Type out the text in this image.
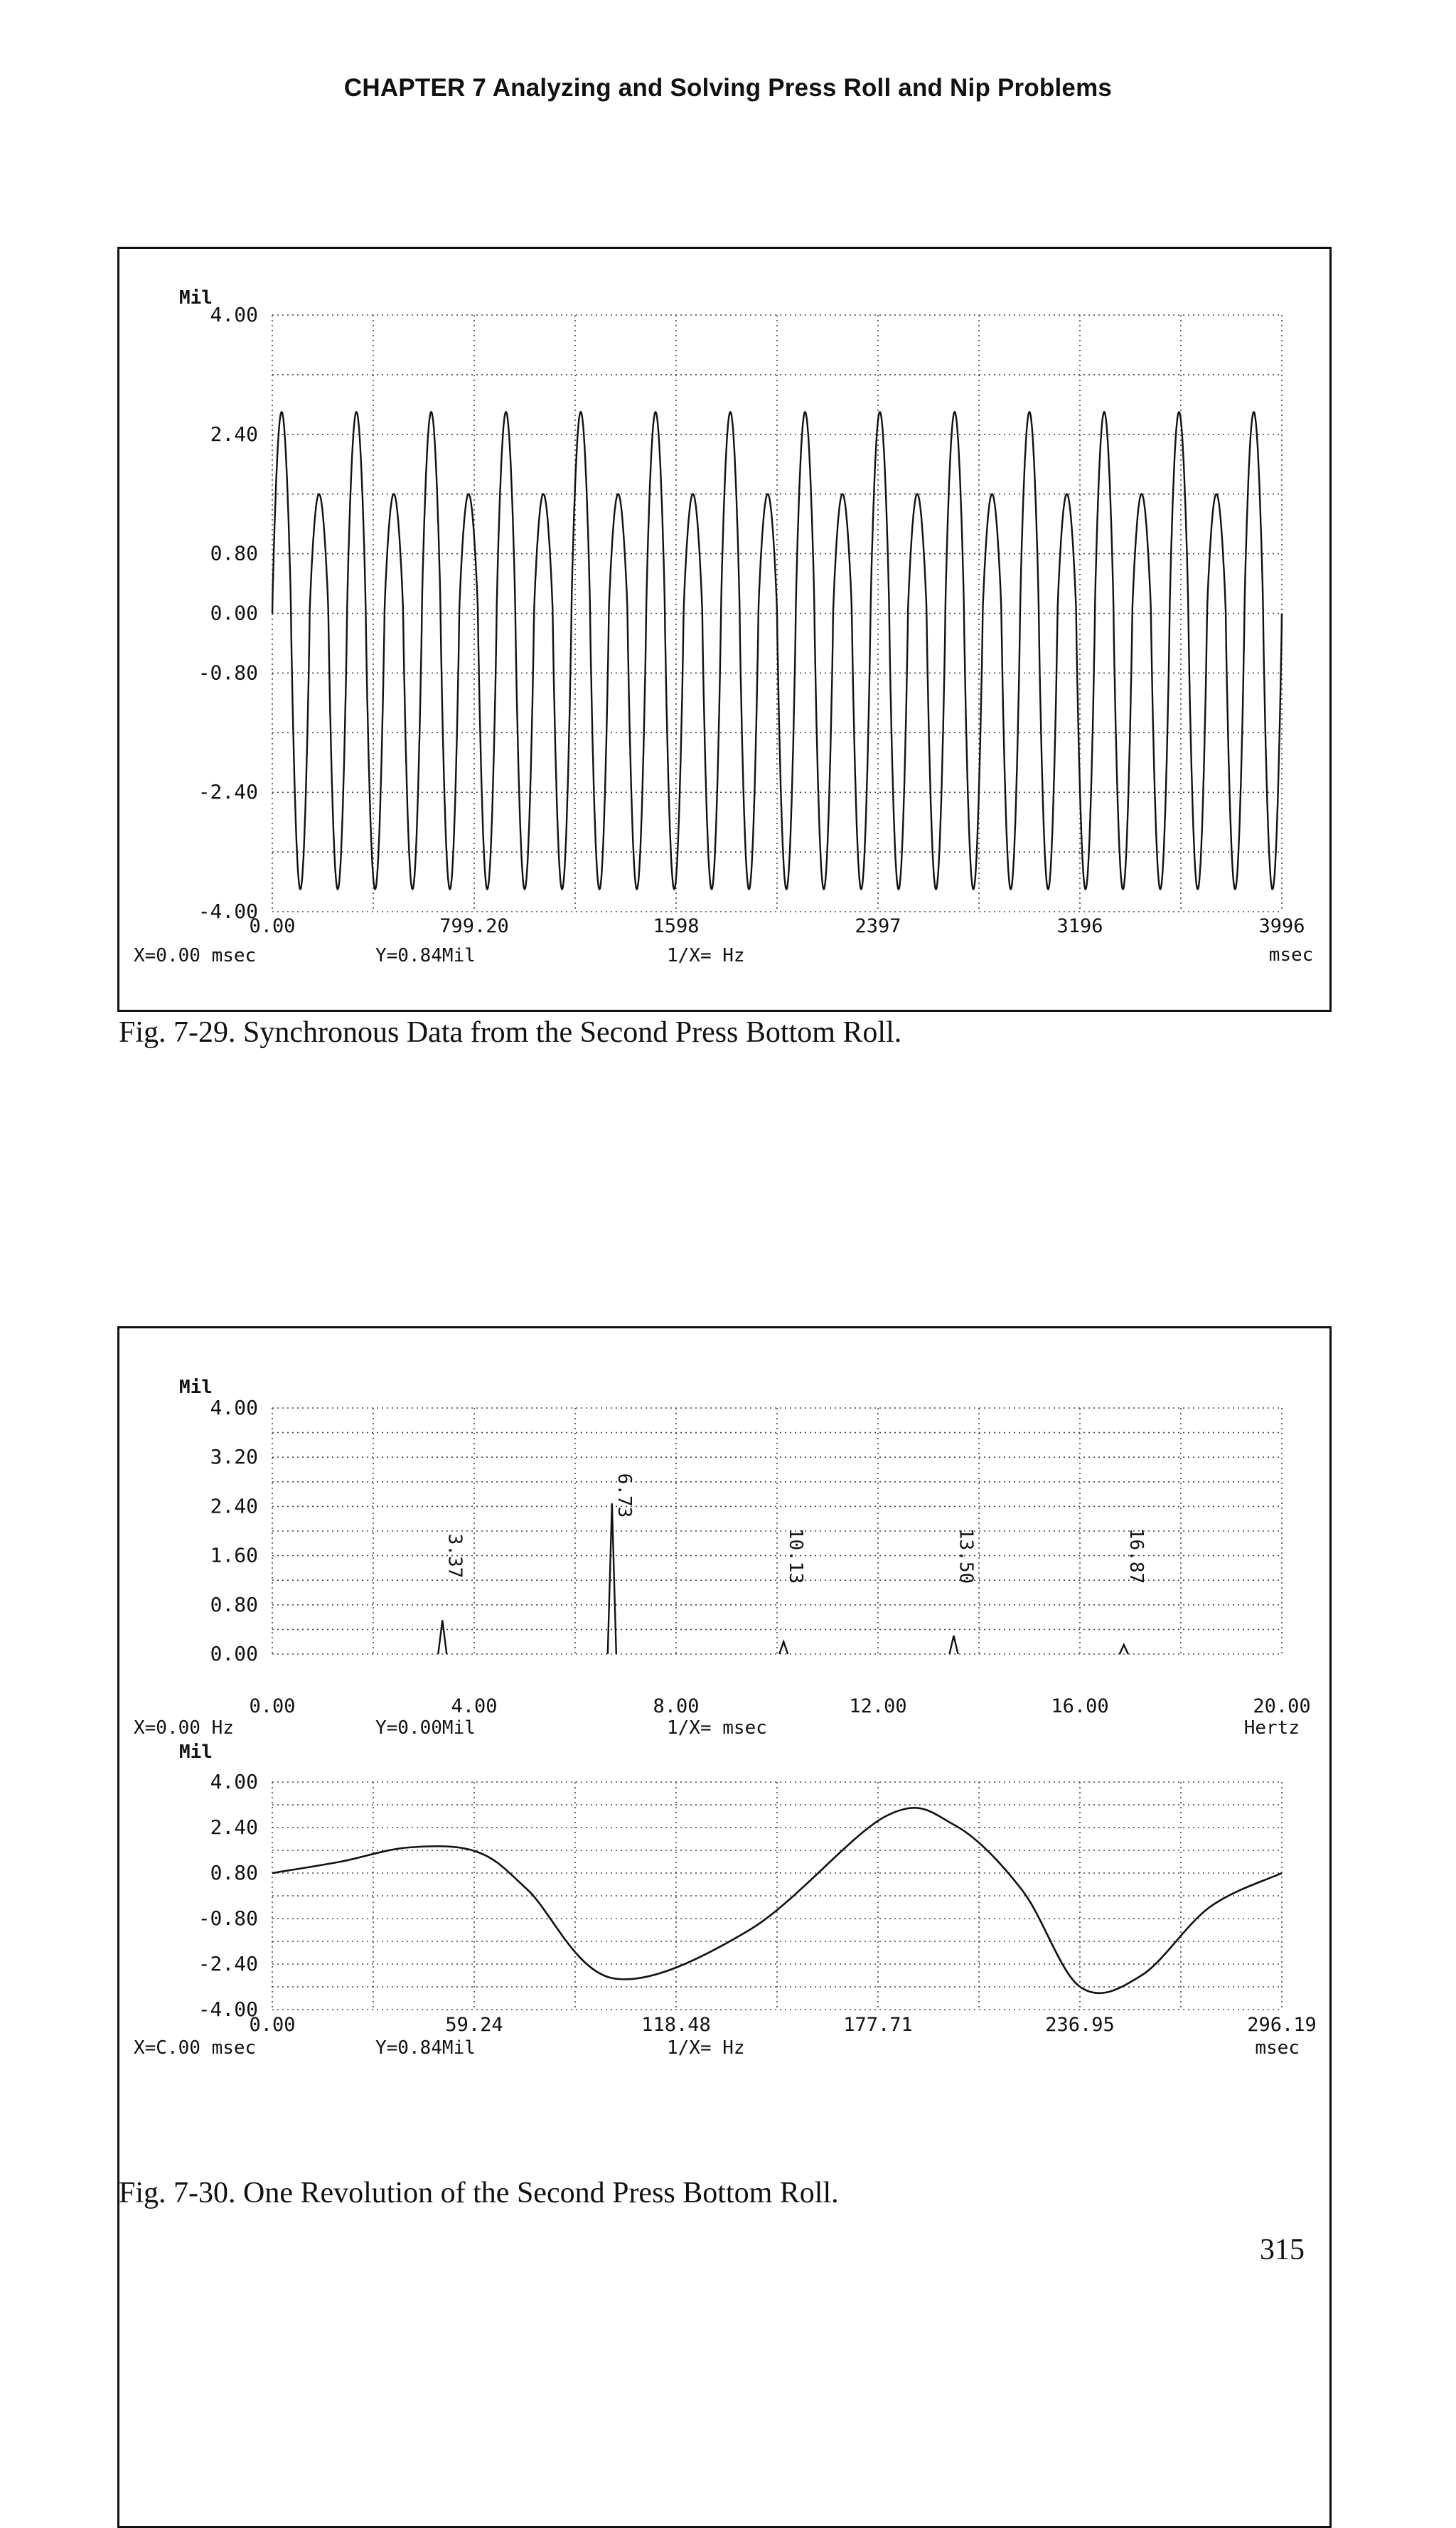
CHAPTER 7 Analyzing and Solving Press Roll and Nip Problems
4.00
2.40
0.80
0.00
-0.80
-2.40
-4.00
0.00	799.20	1598	2397	3196	3996
Mil
msec
X=0.00 msec	Y=0.84Mil	1/X= Hz
Fig. 7-29. Synchronous Data from the Second Press Bottom Roll.
3.37
6.73
10.13	13.50	16.87
4.00
3.20
2.40
1.60
0.80
0.00
0.00	4.00	8.00	12.00	16.00	20.00
Mil
Hertz
X=0.00 Hz	Y=0.00Mil	1/X= msec
4.00
2.40
0.80
-0.80
-2.40
-4.00
0.00	59.24	118.48	177.71	236.95	296.19
Mil
msec
X=C.00 msec	Y=0.84Mil	1/X= Hz
Fig. 7-30. One Revolution of the Second Press Bottom Roll.
315
